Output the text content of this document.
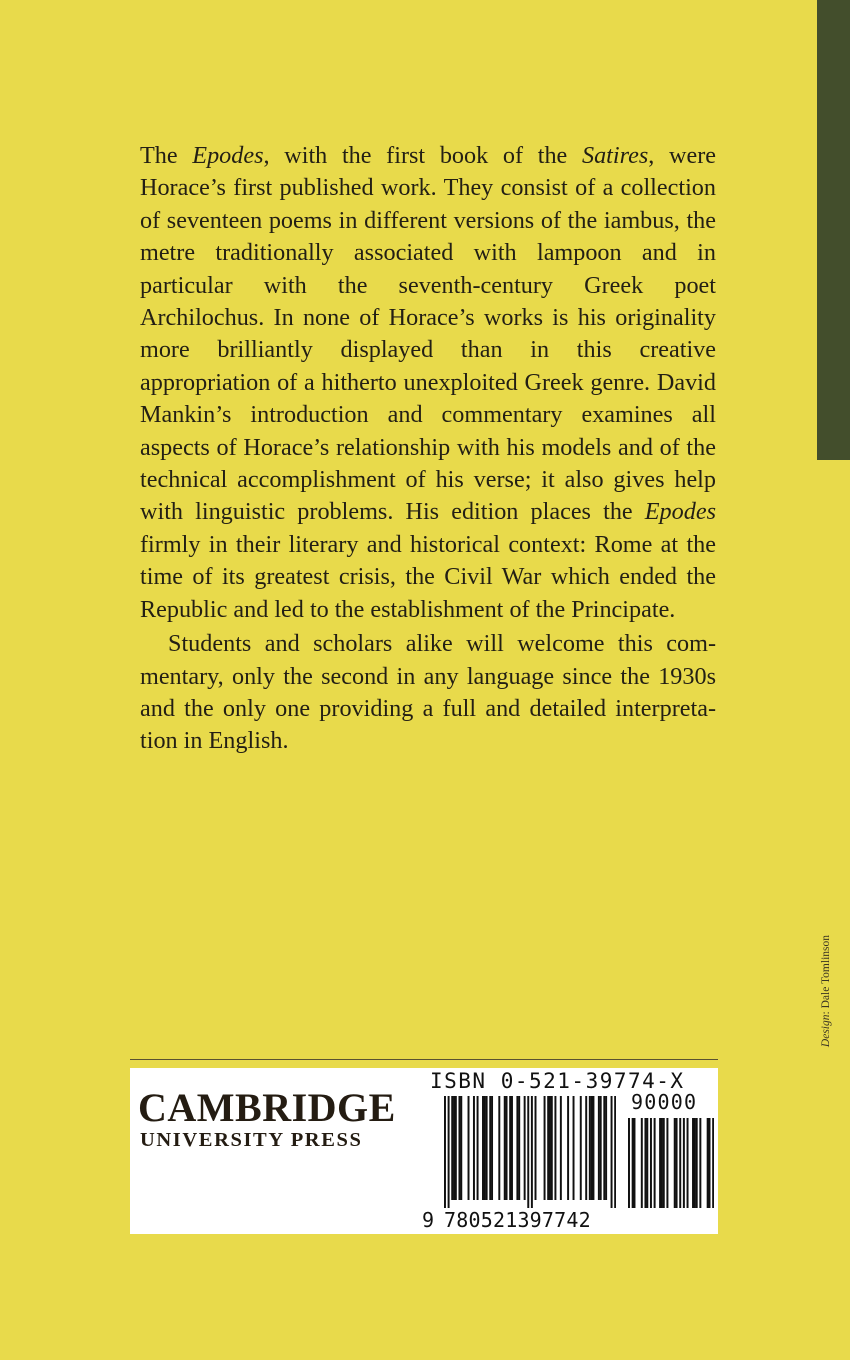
The Epodes, with the first book of the Satires, were Horace’s first published work. They consist of a collection of seventeen poems in different versions of the iambus, the metre traditionally associated with lampoon and in particular with the seventh-century Greek poet Archilochus. In none of Horace’s works is his originality more brilliantly displayed than in this creative appropriation of a hitherto unexploited Greek genre. David Mankin’s introduction and commentary examines all aspects of Horace’s relationship with his models and of the technical accomplishment of his verse; it also gives help with linguistic problems. His edition places the Epodes firmly in their literary and historical context: Rome at the time of its greatest crisis, the Civil War which ended the Republic and led to the establishment of the Principate.

Students and scholars alike will welcome this commentary, only the second in any language since the 1930s and the only one providing a full and detailed interpretation in English.

Design: Dale Tomlinson
CAMBRIDGE
UNIVERSITY PRESS
ISBN 0-521-39774-X
90000
9 780521397742
